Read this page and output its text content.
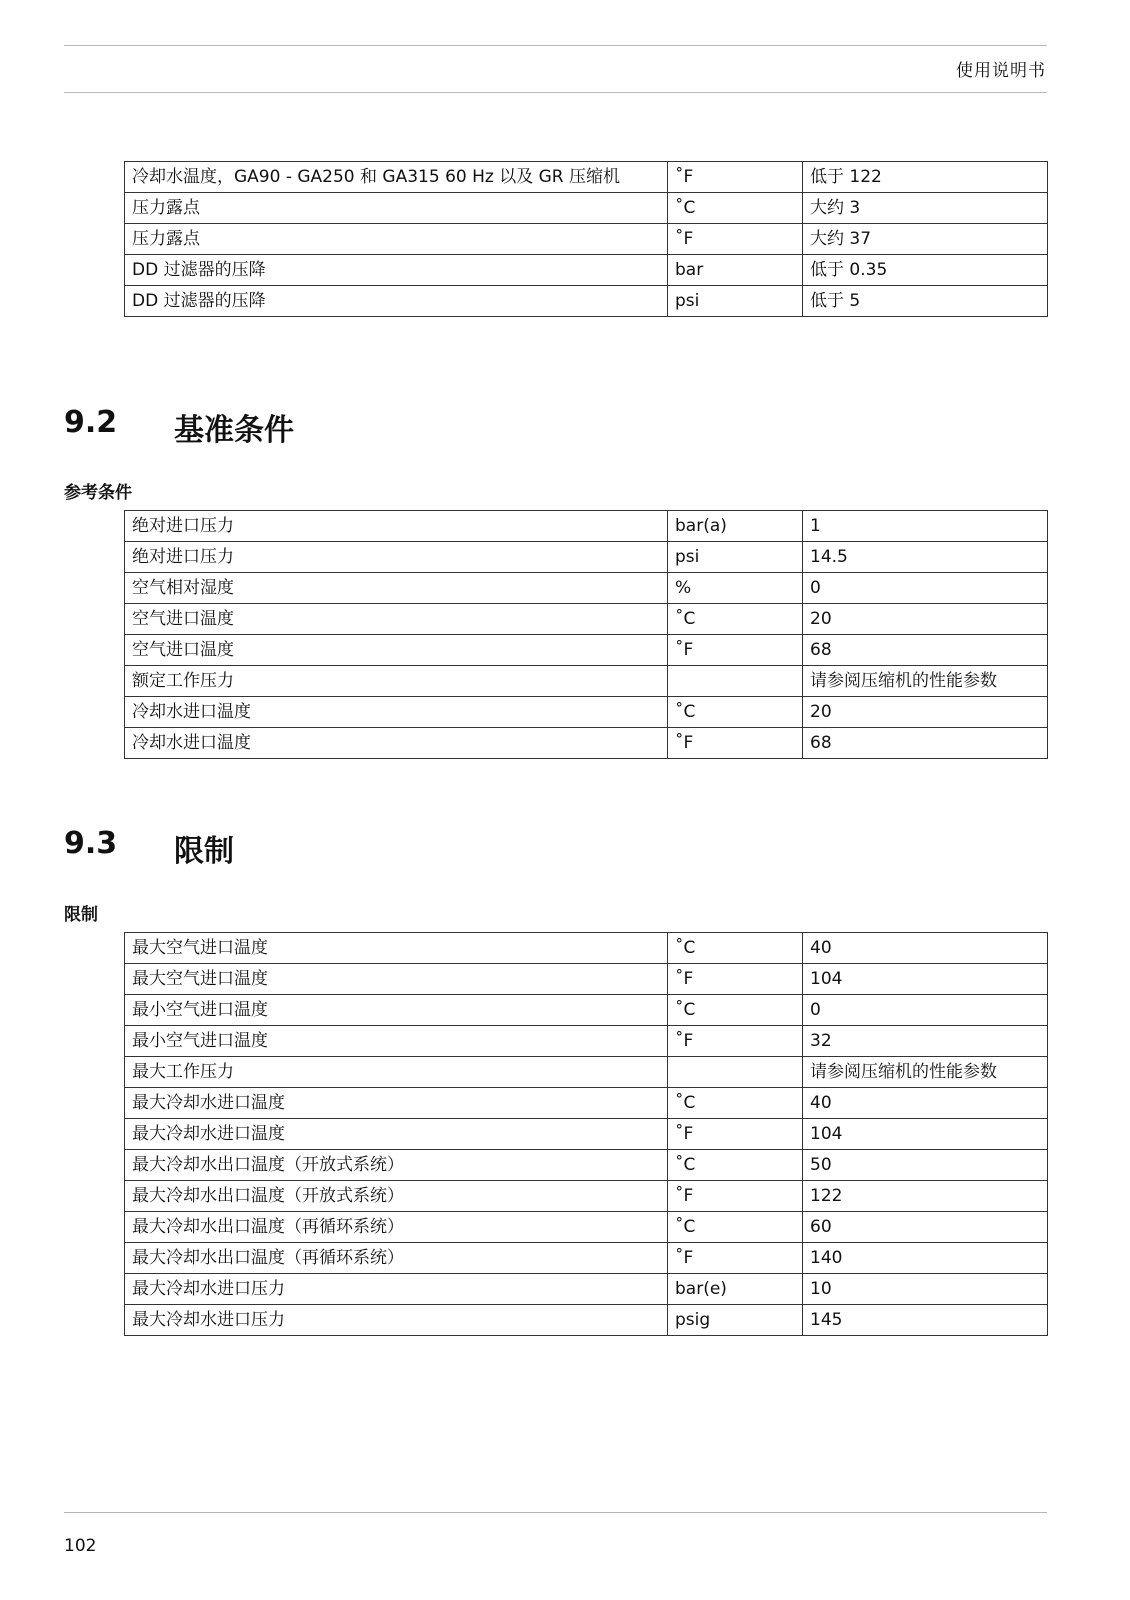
使用说明书
冷却水温度，GA90 - GA250 和 GA315 60 Hz 以及 GR 压缩机	˚F	低于 122
压力露点	˚C	大约 3
压力露点	˚F	大约 37
DD 过滤器的压降	bar	低于 0.35
DD 过滤器的压降	psi	低于 5
9.2	基准条件
参考条件
绝对进口压力	bar(a)	1
绝对进口压力	psi	14.5
空气相对湿度	%	0
空气进口温度	˚C	20
空气进口温度	˚F	68
额定工作压力		请参阅压缩机的性能参数
冷却水进口温度	˚C	20
冷却水进口温度	˚F	68
9.3	限制
限制
最大空气进口温度	˚C	40
最大空气进口温度	˚F	104
最小空气进口温度	˚C	0
最小空气进口温度	˚F	32
最大工作压力		请参阅压缩机的性能参数
最大冷却水进口温度	˚C	40
最大冷却水进口温度	˚F	104
最大冷却水出口温度（开放式系统）	˚C	50
最大冷却水出口温度（开放式系统）	˚F	122
最大冷却水出口温度（再循环系统）	˚C	60
最大冷却水出口温度（再循环系统）	˚F	140
最大冷却水进口压力	bar(e)	10
最大冷却水进口压力	psig	145
102
